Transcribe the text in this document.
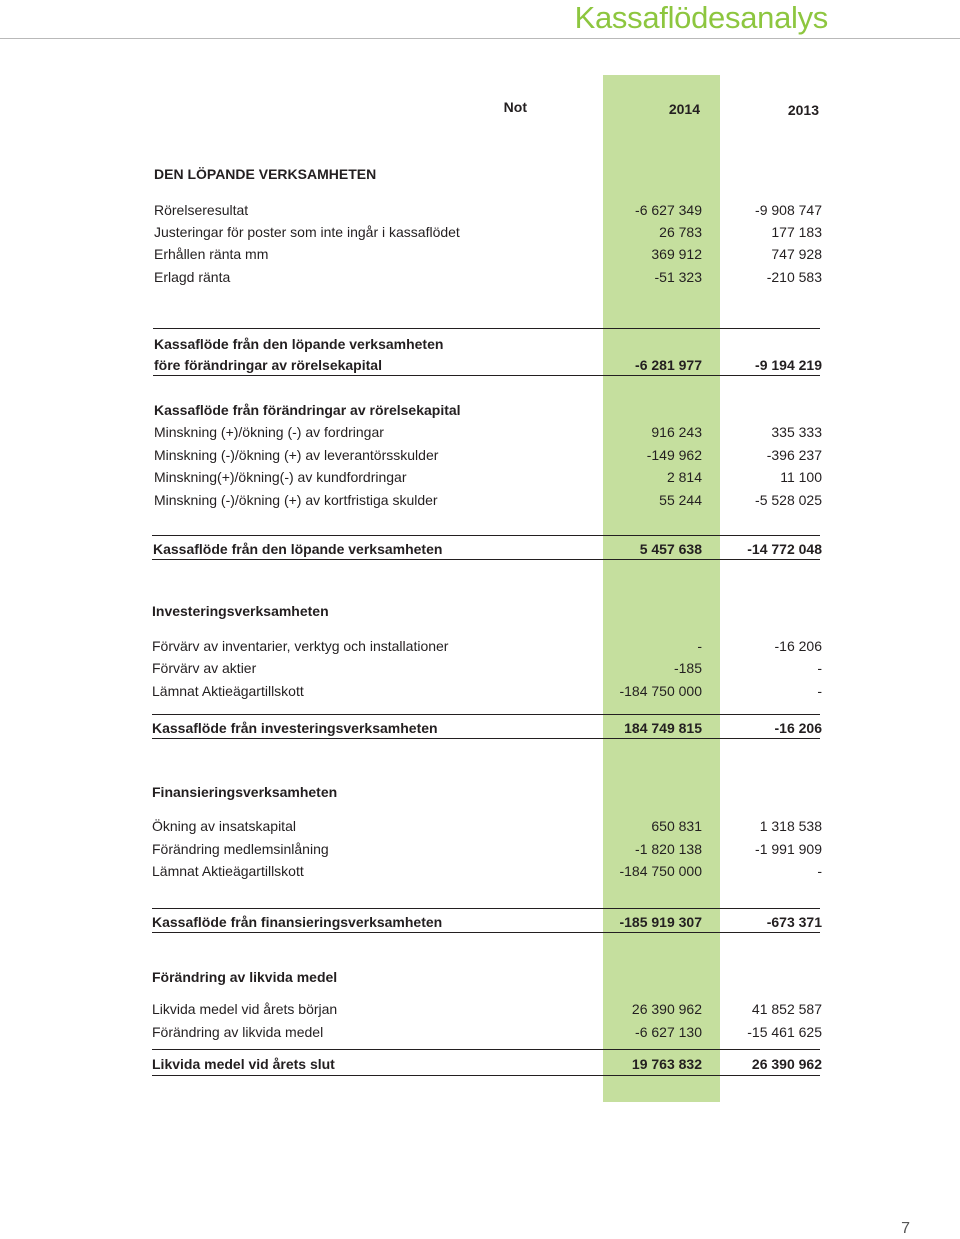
Kassaflödesanalys
Not	2014	2013
DEN LÖPANDE VERKSAMHETEN
Rörelseresultat	-6 627 349	-9 908 747
Justeringar för poster som inte ingår i kassaflödet	26 783	177 183
Erhållen ränta mm	369 912	747 928
Erlagd ränta	-51 323	-210 583
Kassaflöde från den löpande verksamheten
före förändringar av rörelsekapital	-6 281 977	-9 194 219
Kassaflöde från förändringar av rörelsekapital
Minskning (+)/ökning (-) av fordringar	916 243	335 333
Minskning (-)/ökning (+) av leverantörsskulder	-149 962	-396 237
Minskning(+)/ökning(-) av kundfordringar	2 814	11 100
Minskning (-)/ökning (+) av kortfristiga skulder	55 244	-5 528 025
Kassaflöde från den löpande verksamheten	5 457 638	-14 772 048
Investeringsverksamheten
Förvärv av inventarier, verktyg och installationer	-	-16 206
Förvärv av aktier	-185	-
Lämnat Aktieägartillskott	-184 750 000	-
Kassaflöde från investeringsverksamheten	184 749 815	-16 206
Finansieringsverksamheten
Ökning av insatskapital	650 831	1 318 538
Förändring medlemsinlåning	-1 820 138	-1 991 909
Lämnat Aktieägartillskott	-184 750 000	-
Kassaflöde från finansieringsverksamheten	-185 919 307	-673 371
Förändring av likvida medel
Likvida medel vid årets början	26 390 962	41 852 587
Förändring av likvida medel	-6 627 130	-15 461 625
Likvida medel vid årets slut	19 763 832	26 390 962
7
